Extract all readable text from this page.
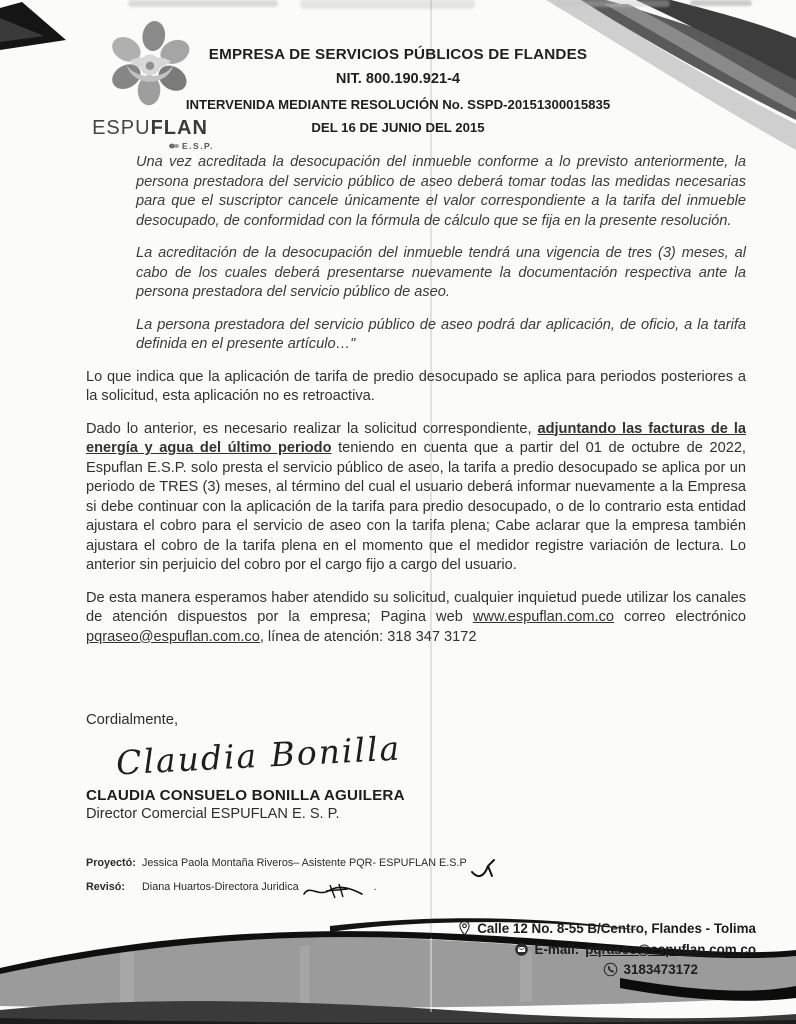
ESPUFLAN
E.S.P.
EMPRESA DE SERVICIOS PÚBLICOS DE FLANDES
NIT. 800.190.921-4
INTERVENIDA MEDIANTE RESOLUCIÓN No. SSPD-20151300015835
DEL 16 DE JUNIO DEL 2015

Una vez acreditada la desocupación del inmueble conforme a lo previsto anteriormente, la persona prestadora del servicio público de aseo deberá tomar todas las medidas necesarias para que el suscriptor cancele únicamente el valor correspondiente a la tarifa del inmueble desocupado, de conformidad con la fórmula de cálculo que se fija en la presente resolución.

La acreditación de la desocupación del inmueble tendrá una vigencia de tres (3) meses, al cabo de los cuales deberá presentarse nuevamente la documentación respectiva ante la persona prestadora del servicio público de aseo.

La persona prestadora del servicio público de aseo podrá dar aplicación, de oficio, a la tarifa definida en el presente artículo…"

Lo que indica que la aplicación de tarifa de predio desocupado se aplica para periodos posteriores a la solicitud, esta aplicación no es retroactiva.

Dado lo anterior, es necesario realizar la solicitud correspondiente, adjuntando las facturas de la energía y agua del último periodo teniendo en cuenta que a partir del 01 de octubre de 2022, Espuflan E.S.P. solo presta el servicio público de aseo, la tarifa a predio desocupado se aplica por un periodo de TRES (3) meses, al término del cual el usuario deberá informar nuevamente a la Empresa si debe continuar con la aplicación de la tarifa para predio desocupado, o de lo contrario esta entidad ajustara el cobro para el servicio de aseo con la tarifa plena; Cabe aclarar que la empresa también ajustara el cobro de la tarifa plena en el momento que el medidor registre variación de lectura. Lo anterior sin perjuicio del cobro por el cargo fijo a cargo del usuario.

De esta manera esperamos haber atendido su solicitud, cualquier inquietud puede utilizar los canales de atención dispuestos por la empresa; Pagina web www.espuflan.com.co correo electrónico pqraseo@espuflan.com.co, línea de atención: 318 347 3172

Cordialmente,
Claudia Bonilla
CLAUDIA CONSUELO BONILLA AGUILERA
Director Comercial ESPUFLAN E. S. P.
Proyectó: Jessica Paola Montaña Riveros– Asistente PQR- ESPUFLAN E.S.P
Revisó:	Diana Huartos-Directora Juridica	.
Calle 12 No. 8-55 B/Centro, Flandes - Tolima
E-mail: pqraseo@espuflan.com.co
3183473172
